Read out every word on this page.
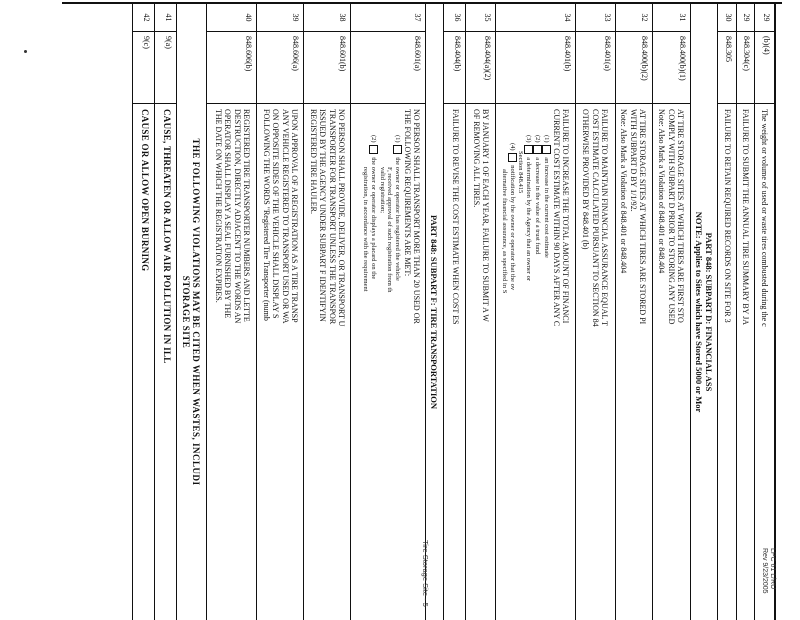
29
(b)(4)
The weight or volume of used or waste tires combusted during the c
29
848.304(c)
FAILURE TO SUBMIT THE ANNUAL TIRE SUMMARY BY JA
30
848.305
FAILURE TO RETAIN REQUIRED RECORDS ON SITE FOR 3
PART 848: SUBPART D: FINANCIAL ASS
NOTE: Applies to Sites which have Stored 5000 or Mor
31
848.400(b)(1)
AT TIRE STORAGE SITES AT WHICH TIRES ARE FIRST STO
COMPLY WITH SUBPART D PRIOR TO STORING ANY USED
Note: Also Mark a Violation of 848.401 or 848.404
32
848.400(b)(2)
AT TIRE STORAGE SITES AT WHICH TIRES ARE STORED PI
WITH SUBPART D BY 1/1/92.
Note: Also Mark a Violation of 848.401 or 848.404
33
848.401(a)
FAILURE TO MAINTAIN FINANCIAL ASSURANCE EQUAL T
COST ESTIMATE CALCULATED PURSUANT TO SECTION 84
OTHERWISE PROVIDED BY 848.401 (b)
34
848.401(b)
FAILURE TO INCREASE THE TOTAL AMOUNT OF FINANCI
CURRENT COST ESTIMATE WITHIN 90 DAYS AFTER ANY C
(1) an increase in the current cost estimate
(2) a decrease in the value of a trust fund
(3) a determination by the Agency that an owner or
Section 848.415
(4) notification by the owner or operator that the ov
alternative financial assurance, as specified in S
35
848.404(a)(2)
BY JANUARY 1 OF EACH YEAR, FAILURE TO SUBMIT A W
OF REMOVING ALL TIRES.
36
848.404(b)
FAILURE TO REVISE THE COST ESTIMATE WHEN COST ES
PART 848: SUBPART F: TIRE TRANSPORTATION
37
848.601(a)
NO PERSON SHALL TRANSPORT MORE THAN 20 USED OR
THE FOLLOWING REQUIREMENTS ARE MET:
(1) the owner or operator has registered the vehicle
F, received approval of such registration from th
valid registration;
(2) the owner or operator displays a placard on the
registration, in accordance with the requirement
38
848.601(b)
NO PERSON SHALL PROVIDE, DELIVER, OR TRANSPORT U
TRANSPORTER FOR TRANSPORT UNLESS THE TRANSPOR
ISSUED BY THE AGENCY UNDER SUBPART F IDENTIFYIN
REGISTERED TIRE HAULER.
39
848.606(a)
UPON APPROVAL OF A REGISTRATION AS A TIRE TRANSP
ANY VEHICLE REGISTERED TO TRANSPORT USED OR WA
ON OPPOSITE SIDES OF THE VEHICLE SHALL DISPLAY S
FOLLOWING THE WORDS "Registered Tire Transporter (numb
40
848.606(b)
REGISTERED TIRE TRANSPORTER NUMBERS AND LETTE
DESTRUCTION, DIRECTLY ADJACENT TO THE WORDS AN
OPERATOR SHALL DISPLAY A SEAL FURNISHED BY THE
THE DATE ON WHICH THE REGISTRATION EXPIRES.
THE FOLLOWING VIOLATIONS MAY BE CITED WHEN WASTES, INCLUDI
STORAGE SITE
41
9(a)
CAUSE, THREATEN OR ALLOW AIR POLLUTION IN ILL
42
9(c)
CAUSE OR ALLOW OPEN BURNING
LPC 61 L/RU
Rev 9/23/2005
Tire Storage Site - 5
